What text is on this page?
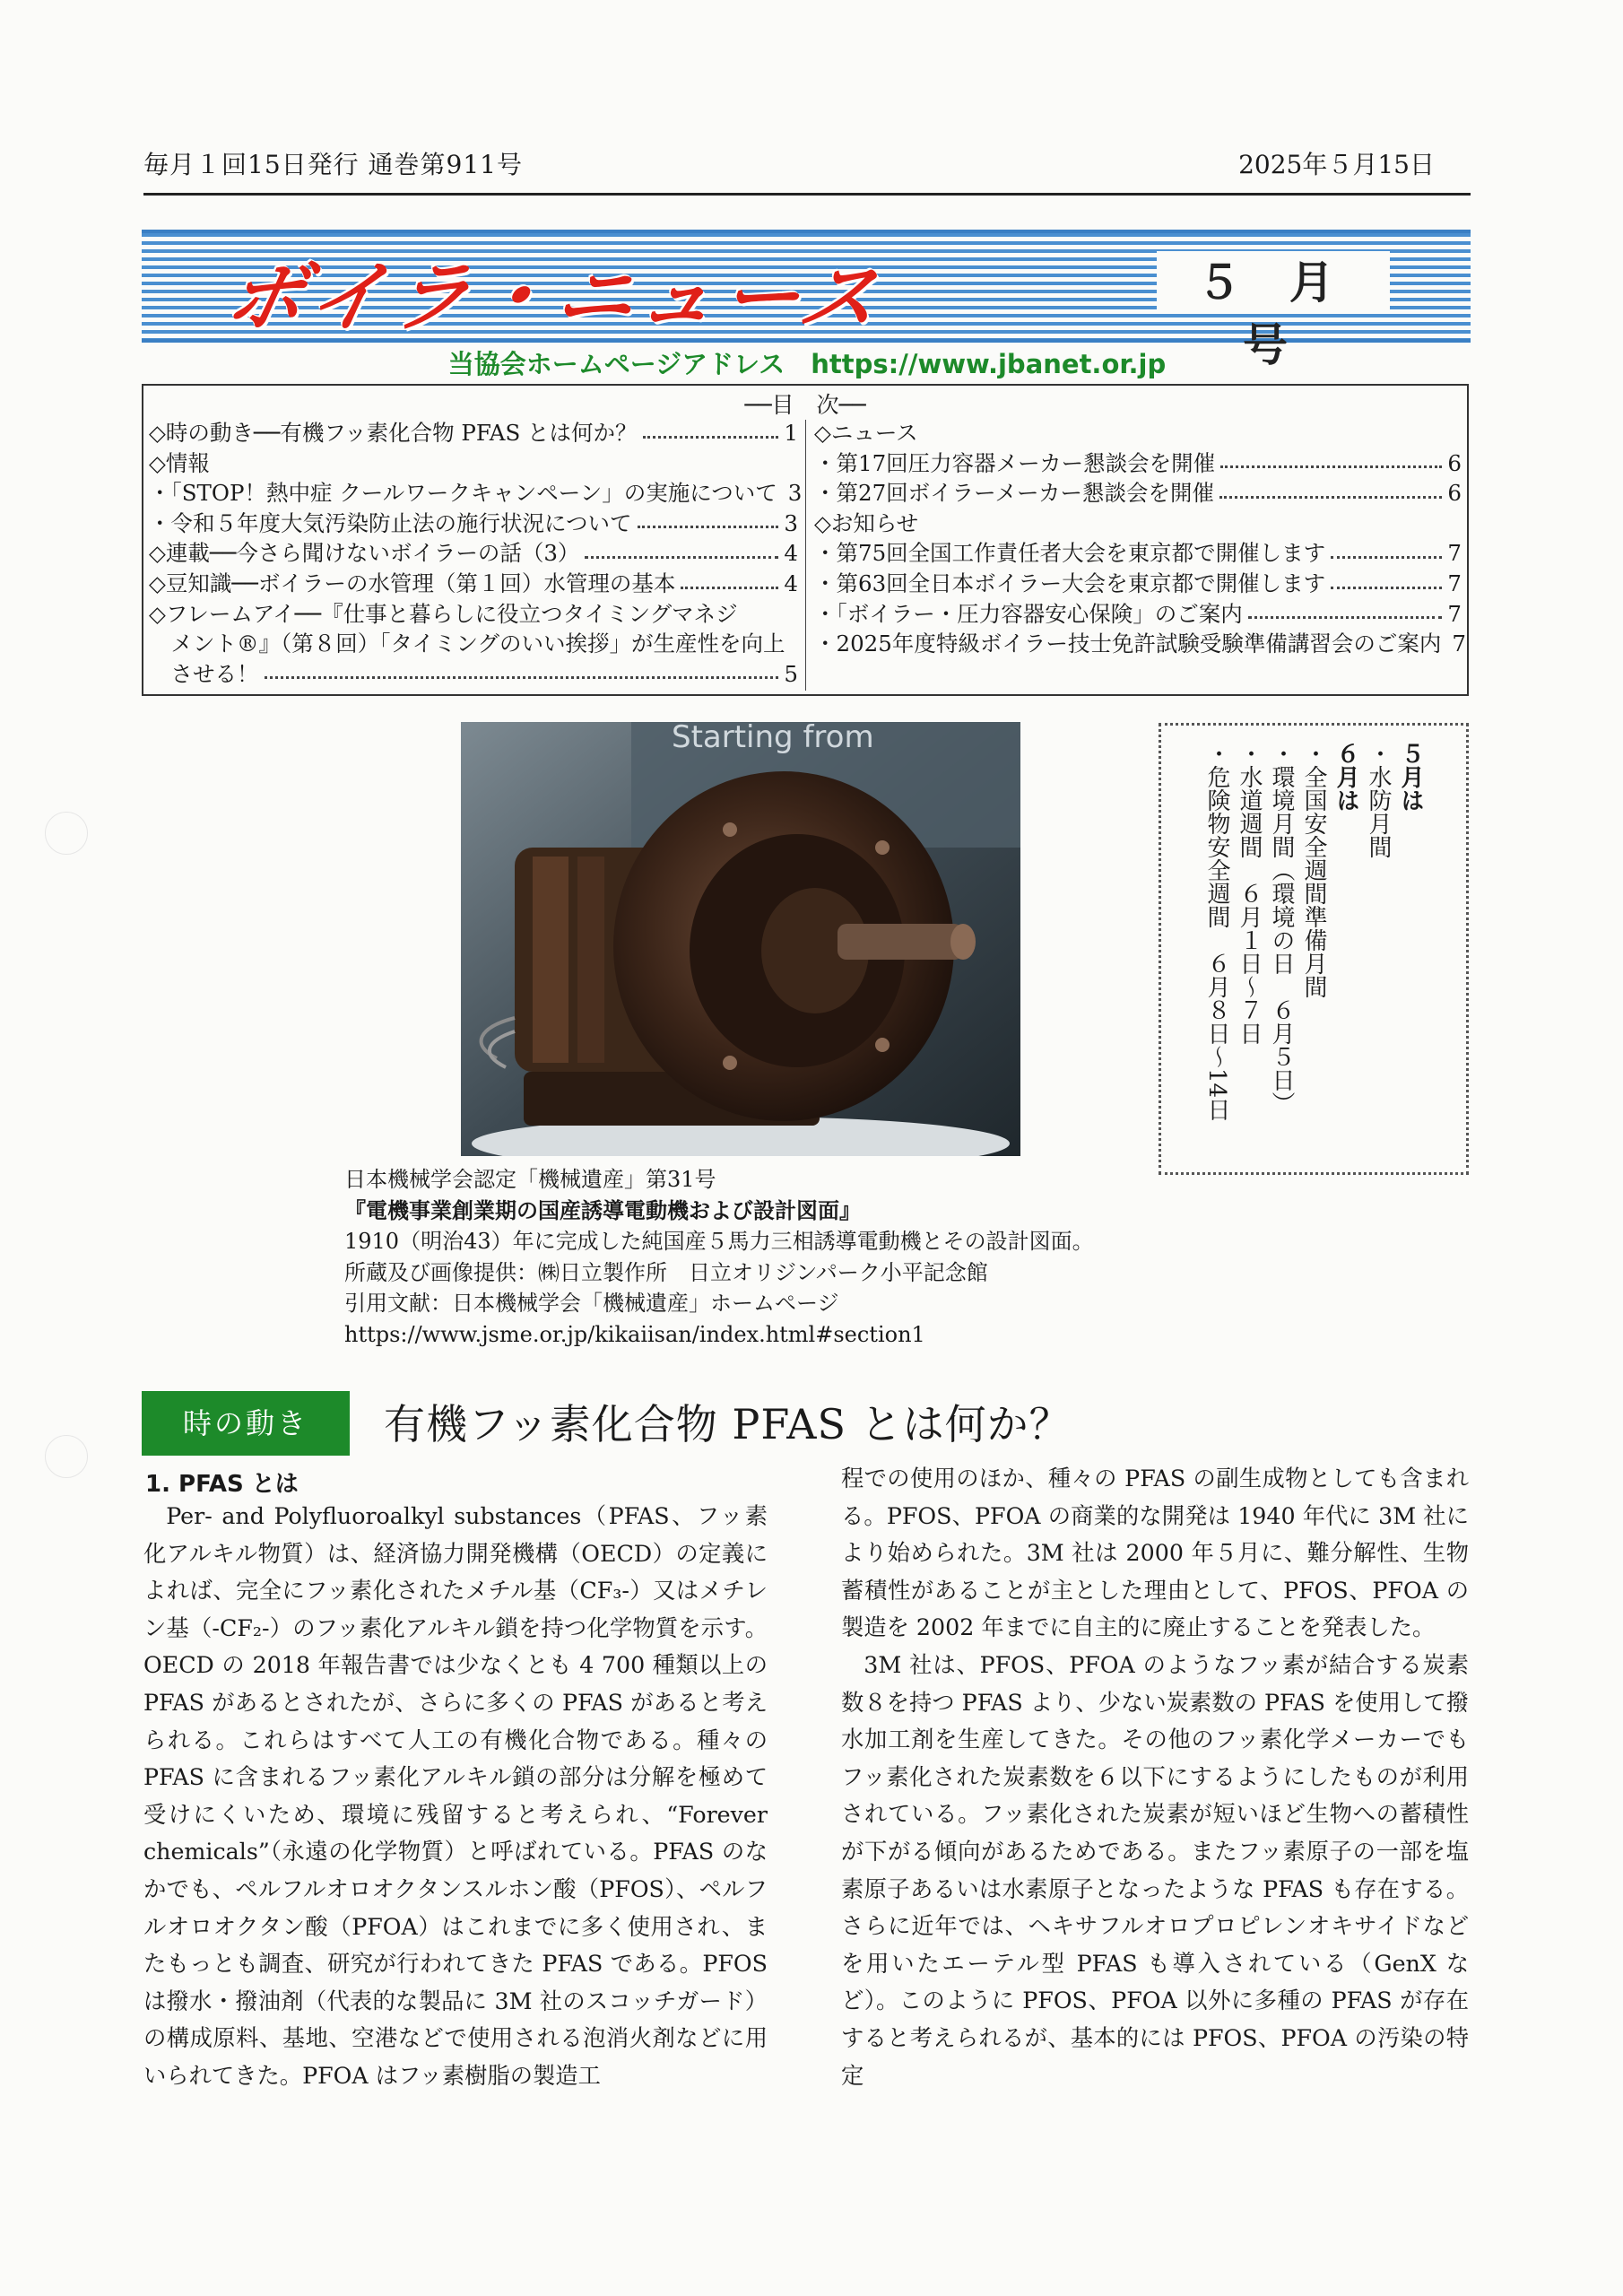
毎月１回15日発行 通巻第911号	2025年５月15日
ボイラ・ニュース	５ 月 号
当協会ホームページアドレス　https://www.jbanet.or.jp
──目　次──
◇時の動き──有機フッ素化合物 PFAS とは何か？	1
◇情報
・「STOP！熱中症 クールワークキャンペーン」の実施について 3
・令和５年度大気汚染防止法の施行状況について	3
◇連載──今さら聞けないボイラーの話（3）	4
◇豆知識──ボイラーの水管理（第１回）水管理の基本	4
◇フレームアイ──『仕事と暮らしに役立つタイミングマネジ
　メント®』（第８回）「タイミングのいい挨拶」が生産性を向上
　させる！	5
◇ニュース
・第17回圧力容器メーカー懇談会を開催	6
・第27回ボイラーメーカー懇談会を開催	6
◇お知らせ
・第75回全国工作責任者大会を東京都で開催します	7
・第63回全日本ボイラー大会を東京都で開催します	7
・「ボイラー・圧力容器安心保険」のご案内	7
・2025年度特級ボイラー技士免許試験受験準備講習会のご案内 7
Starting from
５月は
・水防月間
６月は
・全国安全週間準備月間
・環境月間（環境の日　６月５日）
・水道週間　６月１日～７日
・危険物安全週間　６月８日～14日
日本機械学会認定「機械遺産」第31号
『電機事業創業期の国産誘導電動機および設計図面』
1910（明治43）年に完成した純国産５馬力三相誘導電動機とその設計図面。
所蔵及び画像提供：㈱日立製作所　日立オリジンパーク小平記念館
引用文献：日本機械学会「機械遺産」ホームページ
https://www.jsme.or.jp/kikaiisan/index.html#section1
時の動き	有機フッ素化合物 PFAS とは何か？
1. PFAS とは

Per- and Polyfluoroalkyl substances（PFAS、フッ素化アルキル物質）は、経済協力開発機構（OECD）の定義によれば、完全にフッ素化されたメチル基（CF₃-）又はメチレン基（-CF₂-）のフッ素化アルキル鎖を持つ化学物質を示す。OECD の 2018 年報告書では少なくとも 4 700 種類以上の PFAS があるとされたが、さらに多くの PFAS があると考えられる。これらはすべて人工の有機化合物である。種々の PFAS に含まれるフッ素化アルキル鎖の部分は分解を極めて受けにくいため、環境に残留すると考えられ、“Forever chemicals”（永遠の化学物質）と呼ばれている。PFAS のなかでも、ペルフルオロオクタンスルホン酸（PFOS）、ペルフルオロオクタン酸（PFOA）はこれまでに多く使用され、またもっとも調査、研究が行われてきた PFAS である。PFOS は撥水・撥油剤（代表的な製品に 3M 社のスコッチガード）の構成原料、基地、空港などで使用される泡消火剤などに用いられてきた。PFOA はフッ素樹脂の製造工

程での使用のほか、種々の PFAS の副生成物としても含まれる。PFOS、PFOA の商業的な開発は 1940 年代に 3M 社により始められた。3M 社は 2000 年５月に、難分解性、生物蓄積性があることが主とした理由として、PFOS、PFOA の製造を 2002 年までに自主的に廃止することを発表した。

3M 社は、PFOS、PFOA のようなフッ素が結合する炭素数８を持つ PFAS より、少ない炭素数の PFAS を使用して撥水加工剤を生産してきた。その他のフッ素化学メーカーでもフッ素化された炭素数を６以下にするようにしたものが利用されている。フッ素化された炭素が短いほど生物への蓄積性が下がる傾向があるためである。またフッ素原子の一部を塩素原子あるいは水素原子となったような PFAS も存在する。さらに近年では、ヘキサフルオロプロピレンオキサイドなどを用いたエーテル型 PFAS も導入されている（GenX など）。このように PFOS、PFOA 以外に多種の PFAS が存在すると考えられるが、基本的には PFOS、PFOA の汚染の特定
